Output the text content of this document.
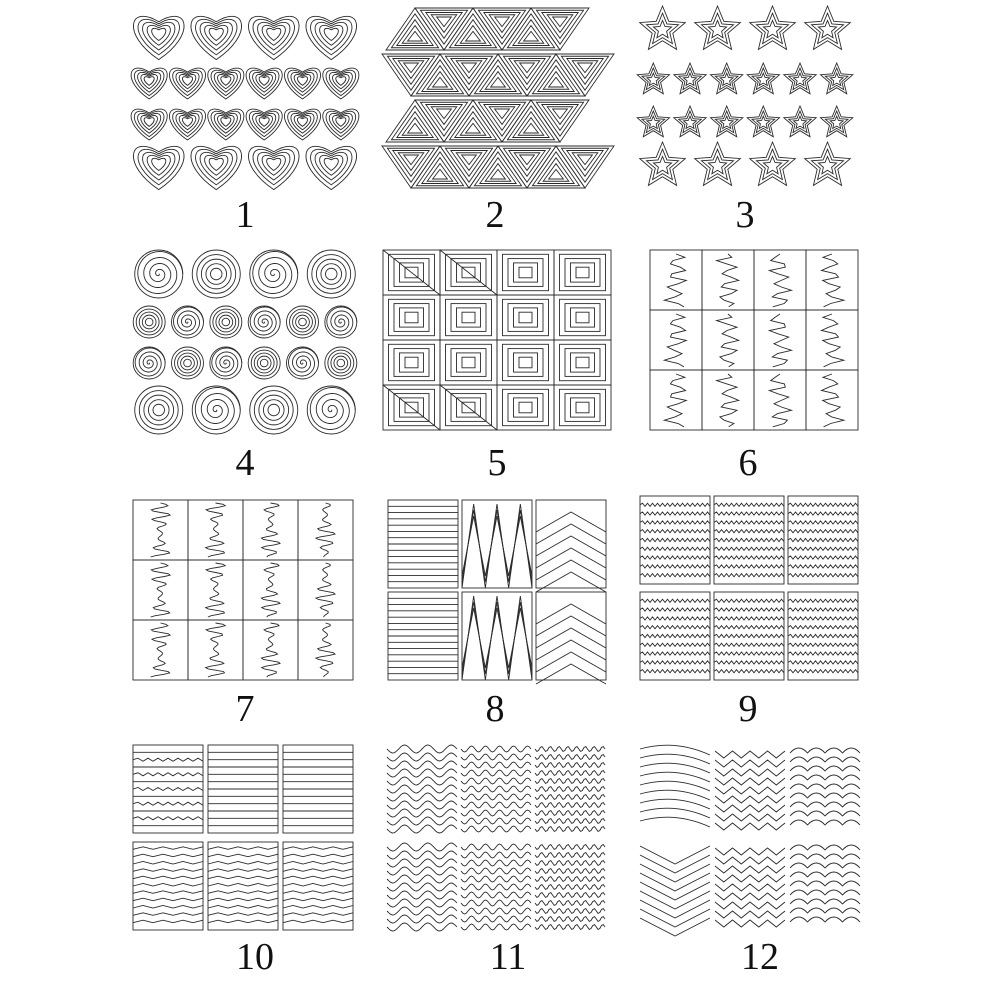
1	2	3
4	5	6
7	8	9
10	11	12
